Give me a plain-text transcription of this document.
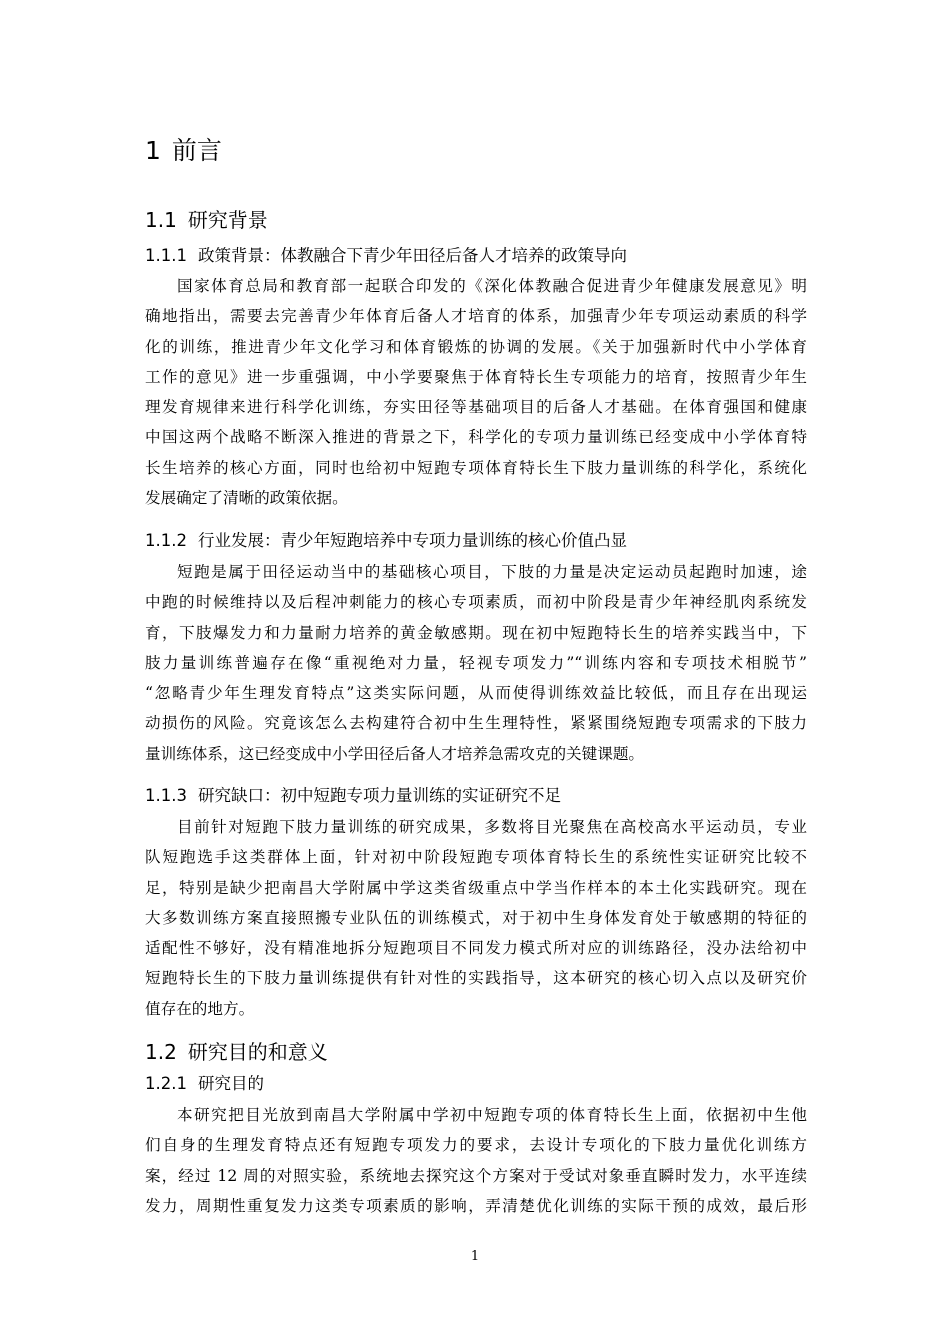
1 前言
1.1 研究背景
1.1.1 政策背景：体教融合下青少年田径后备人才培养的政策导向
国家体育总局和教育部一起联合印发的《深化体教融合促进青少年健康发展意见》明
确地指出，需要去完善青少年体育后备人才培育的体系，加强青少年专项运动素质的科学
化的训练，推进青少年文化学习和体育锻炼的协调的发展。《关于加强新时代中小学体育
工作的意见》进一步重强调，中小学要聚焦于体育特长生专项能力的培育，按照青少年生
理发育规律来进行科学化训练，夯实田径等基础项目的后备人才基础。在体育强国和健康
中国这两个战略不断深入推进的背景之下，科学化的专项力量训练已经变成中小学体育特
长生培养的核心方面，同时也给初中短跑专项体育特长生下肢力量训练的科学化，系统化
发展确定了清晰的政策依据。
1.1.2 行业发展：青少年短跑培养中专项力量训练的核心价值凸显
短跑是属于田径运动当中的基础核心项目，下肢的力量是决定运动员起跑时加速，途
中跑的时候维持以及后程冲刺能力的核心专项素质，而初中阶段是青少年神经肌肉系统发
育，下肢爆发力和力量耐力培养的黄金敏感期。现在初中短跑特长生的培养实践当中，下
肢力量训练普遍存在像“重视绝对力量，轻视专项发力”“训练内容和专项技术相脱节”
“忽略青少年生理发育特点”这类实际问题，从而使得训练效益比较低，而且存在出现运
动损伤的风险。究竟该怎么去构建符合初中生生理特性，紧紧围绕短跑专项需求的下肢力
量训练体系，这已经变成中小学田径后备人才培养急需攻克的关键课题。
1.1.3 研究缺口：初中短跑专项力量训练的实证研究不足
目前针对短跑下肢力量训练的研究成果，多数将目光聚焦在高校高水平运动员，专业
队短跑选手这类群体上面，针对初中阶段短跑专项体育特长生的系统性实证研究比较不
足，特别是缺少把南昌大学附属中学这类省级重点中学当作样本的本土化实践研究。现在
大多数训练方案直接照搬专业队伍的训练模式，对于初中生身体发育处于敏感期的特征的
适配性不够好，没有精准地拆分短跑项目不同发力模式所对应的训练路径，没办法给初中
短跑特长生的下肢力量训练提供有针对性的实践指导，这本研究的核心切入点以及研究价
值存在的地方。
1.2 研究目的和意义
1.2.1 研究目的
本研究把目光放到南昌大学附属中学初中短跑专项的体育特长生上面，依据初中生他
们自身的生理发育特点还有短跑专项发力的要求，去设计专项化的下肢力量优化训练方
案，经过 12 周的对照实验，系统地去探究这个方案对于受试对象垂直瞬时发力，水平连续
发力，周期性重复发力这类专项素质的影响，弄清楚优化训练的实际干预的成效，最后形
1
